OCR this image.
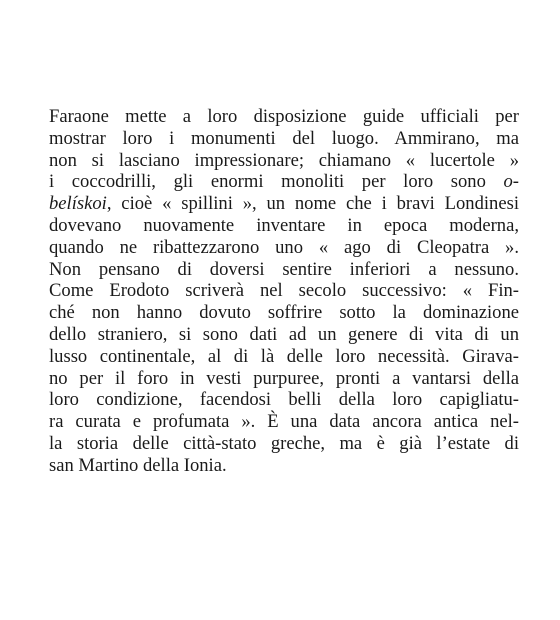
Faraone mette a loro disposizione guide ufficiali per
mostrar loro i monumenti del luogo. Ammirano, ma
non si lasciano impressionare; chiamano « lucertole »
i coccodrilli, gli enormi monoliti per loro sono o-
belískoi, cioè « spillini », un nome che i bravi Londinesi
dovevano nuovamente inventare in epoca moderna,
quando ne ribattezzarono uno « ago di Cleopatra ».
Non pensano di doversi sentire inferiori a nessuno.
Come Erodoto scriverà nel secolo successivo: « Fin-
ché non hanno dovuto soffrire sotto la dominazione
dello straniero, si sono dati ad un genere di vita di un
lusso continentale, al di là delle loro necessità. Girava-
no per il foro in vesti purpuree, pronti a vantarsi della
loro condizione, facendosi belli della loro capigliatu-
ra curata e profumata ». È una data ancora antica nel-
la storia delle città-stato greche, ma è già l’estate di
san Martino della Ionia.
